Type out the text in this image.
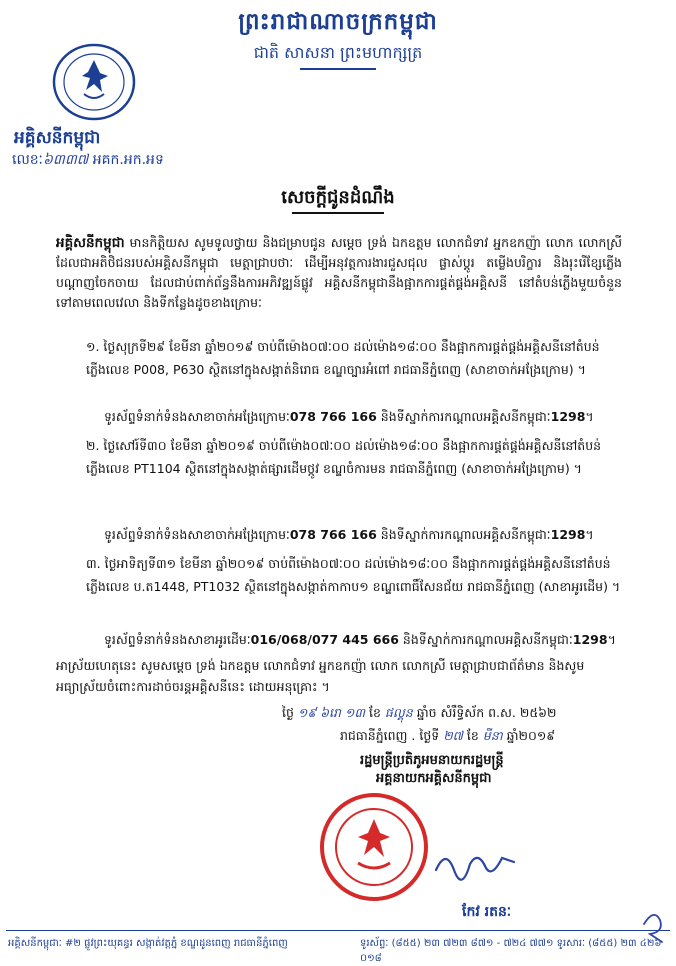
ព្រះរាជាណាចក្រកម្ពុជា
ជាតិ សាសនា ព្រះមហាក្សត្រ
អគ្គិសនីកម្ពុជា
លេខៈ៦៣៣៧ អគក.អក.អទ
សេចក្តីជូនដំណឹង
អគ្គិសនីកម្ពុជា មានកិត្តិយស សូមទូលថ្វាយ និងជម្រាបជូន សម្តេច ទ្រង់ ឯកឧត្តម លោកជំទាវ អ្នកឧកញ៉ា លោក លោកស្រី ដែលជាអតិថិជនរបស់អគ្គិសនីកម្ពុជា មេត្តាជ្រាបថាៈ ដើម្បីអនុវត្តការងារជួសជុល ផ្លាស់ប្តូរ តម្លើងបរិក្ខារ និងរុះរើខ្សែភ្លើងបណ្តាញចែកចាយ ដែលជាប់ពាក់ព័ន្ធនឹងការអភិវឌ្ឍន៍ផ្លូវ អគ្គិសនីកម្ពុជានឹងផ្អាកការផ្គត់ផ្គង់អគ្គិសនី នៅតំបន់ភ្លើងមួយចំនួនទៅតាមពេលវេលា និងទីកន្លែងដូចខាងក្រោមៈ
១. ថ្ងៃសុក្រទី២៩ ខែមីនា ឆ្នាំ២០១៩ ចាប់ពីម៉ោង០៧ៈ០០ ដល់ម៉ោង១៨ៈ០០ នឹងផ្អាកការផ្គត់ផ្គង់អគ្គិសនីនៅតំបន់ភ្លើងលេខ P008, P630 ស្ថិតនៅក្នុងសង្កាត់និរោធ ខណ្ឌច្បារអំពៅ រាជធានីភ្នំពេញ (សាខាចាក់អង្រែក្រោម) ។
ទូរស័ព្ទទំនាក់ទំនងសាខាចាក់អង្រែក្រោមៈ078 766 166 និងទីស្នាក់ការកណ្តាលអគ្គិសនីកម្ពុជាៈ1298។
២. ថ្ងៃសៅរ៍ទី៣០ ខែមីនា ឆ្នាំ២០១៩ ចាប់ពីម៉ោង០៧ៈ០០ ដល់ម៉ោង១៨ៈ០០ នឹងផ្អាកការផ្គត់ផ្គង់អគ្គិសនីនៅតំបន់ភ្លើងលេខ PT1104 ស្ថិតនៅក្នុងសង្កាត់ផ្សារដើមថ្កូវ ខណ្ឌចំការមន រាជធានីភ្នំពេញ (សាខាចាក់អង្រែក្រោម) ។
ទូរស័ព្ទទំនាក់ទំនងសាខាចាក់អង្រែក្រោមៈ078 766 166 និងទីស្នាក់ការកណ្តាលអគ្គិសនីកម្ពុជាៈ1298។
៣. ថ្ងៃអាទិត្យទី៣១ ខែមីនា ឆ្នាំ២០១៩ ចាប់ពីម៉ោង០៧ៈ០០ ដល់ម៉ោង១៨ៈ០០ នឹងផ្អាកការផ្គត់ផ្គង់អគ្គិសនីនៅតំបន់ភ្លើងលេខ ប.ត1448, PT1032 ស្ថិតនៅក្នុងសង្កាត់កាកាប១ ខណ្ឌពោធិ៍សែនជ័យ រាជធានីភ្នំពេញ (សាខាអូរដើម) ។
ទូរស័ព្ទទំនាក់ទំនងសាខាអូរដើមៈ016/068/077 445 666 និងទីស្នាក់ការកណ្តាលអគ្គិសនីកម្ពុជាៈ1298។
អាស្រ័យហេតុនេះ សូមសម្តេច ទ្រង់ ឯកឧត្តម លោកជំទាវ អ្នកឧកញ៉ា លោក លោកស្រី មេត្តាជ្រាបជាព័ត៌មាន និងសូមអធ្យាស្រ័យចំពោះការដាច់ចរន្តអគ្គិសនីនេះ ដោយអនុគ្រោះ ។
ថ្ងៃ ១៩ ៦រោ ១៣ ខែ ផល្គុន ឆ្នាំច សំរឹទ្ធិស័ក ព.ស. ២៥៦២
រាជធានីភ្នំពេញ . ថ្ងៃទី ២៧ ខែ មីនា ឆ្នាំ២០១៩
រដ្ឋមន្ត្រីប្រតិភូអមនាយករដ្ឋមន្ត្រី
អគ្គនាយកអគ្គិសនីកម្ពុជា
កែវ រតនៈ
អគ្គិសនីកម្ពុជាៈ #២ ផ្លូវព្រះយុគន្ធរ សង្កាត់វត្តភ្នំ ខណ្ឌដូនពេញ រាជធានីភ្នំពេញ	ទូរស័ព្ទៈ (៨៥៥) ២៣ ៧២៣ ៨៧១ - ៧២៤ ៧៧១ ទូរសារៈ (៨៥៥) ២៣ ៤២៦ ០១៨
